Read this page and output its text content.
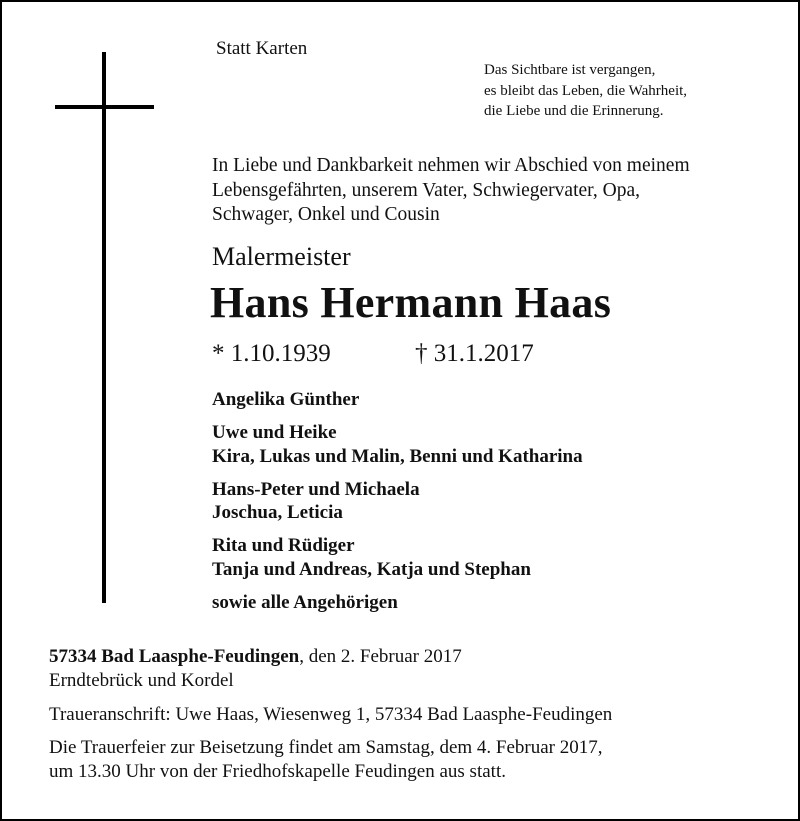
Statt Karten
Das Sichtbare ist vergangen,
es bleibt das Leben, die Wahrheit,
die Liebe und die Erinnerung.
In Liebe und Dankbarkeit nehmen wir Abschied von meinem
Lebensgefährten, unserem Vater, Schwiegervater, Opa,
Schwager, Onkel und Cousin
Malermeister
Hans Hermann Haas
* 1.10.1939	† 31.1.2017
Angelika Günther
Uwe und Heike
Kira, Lukas und Malin, Benni und Katharina
Hans-Peter und Michaela
Joschua, Leticia
Rita und Rüdiger
Tanja und Andreas, Katja und Stephan
sowie alle Angehörigen
57334 Bad Laasphe-Feudingen, den 2. Februar 2017
Erndtebrück und Kordel
Traueranschrift: Uwe Haas, Wiesenweg 1, 57334 Bad Laasphe-Feudingen
Die Trauerfeier zur Beisetzung findet am Samstag, dem 4. Februar 2017,
um 13.30 Uhr von der Friedhofskapelle Feudingen aus statt.
